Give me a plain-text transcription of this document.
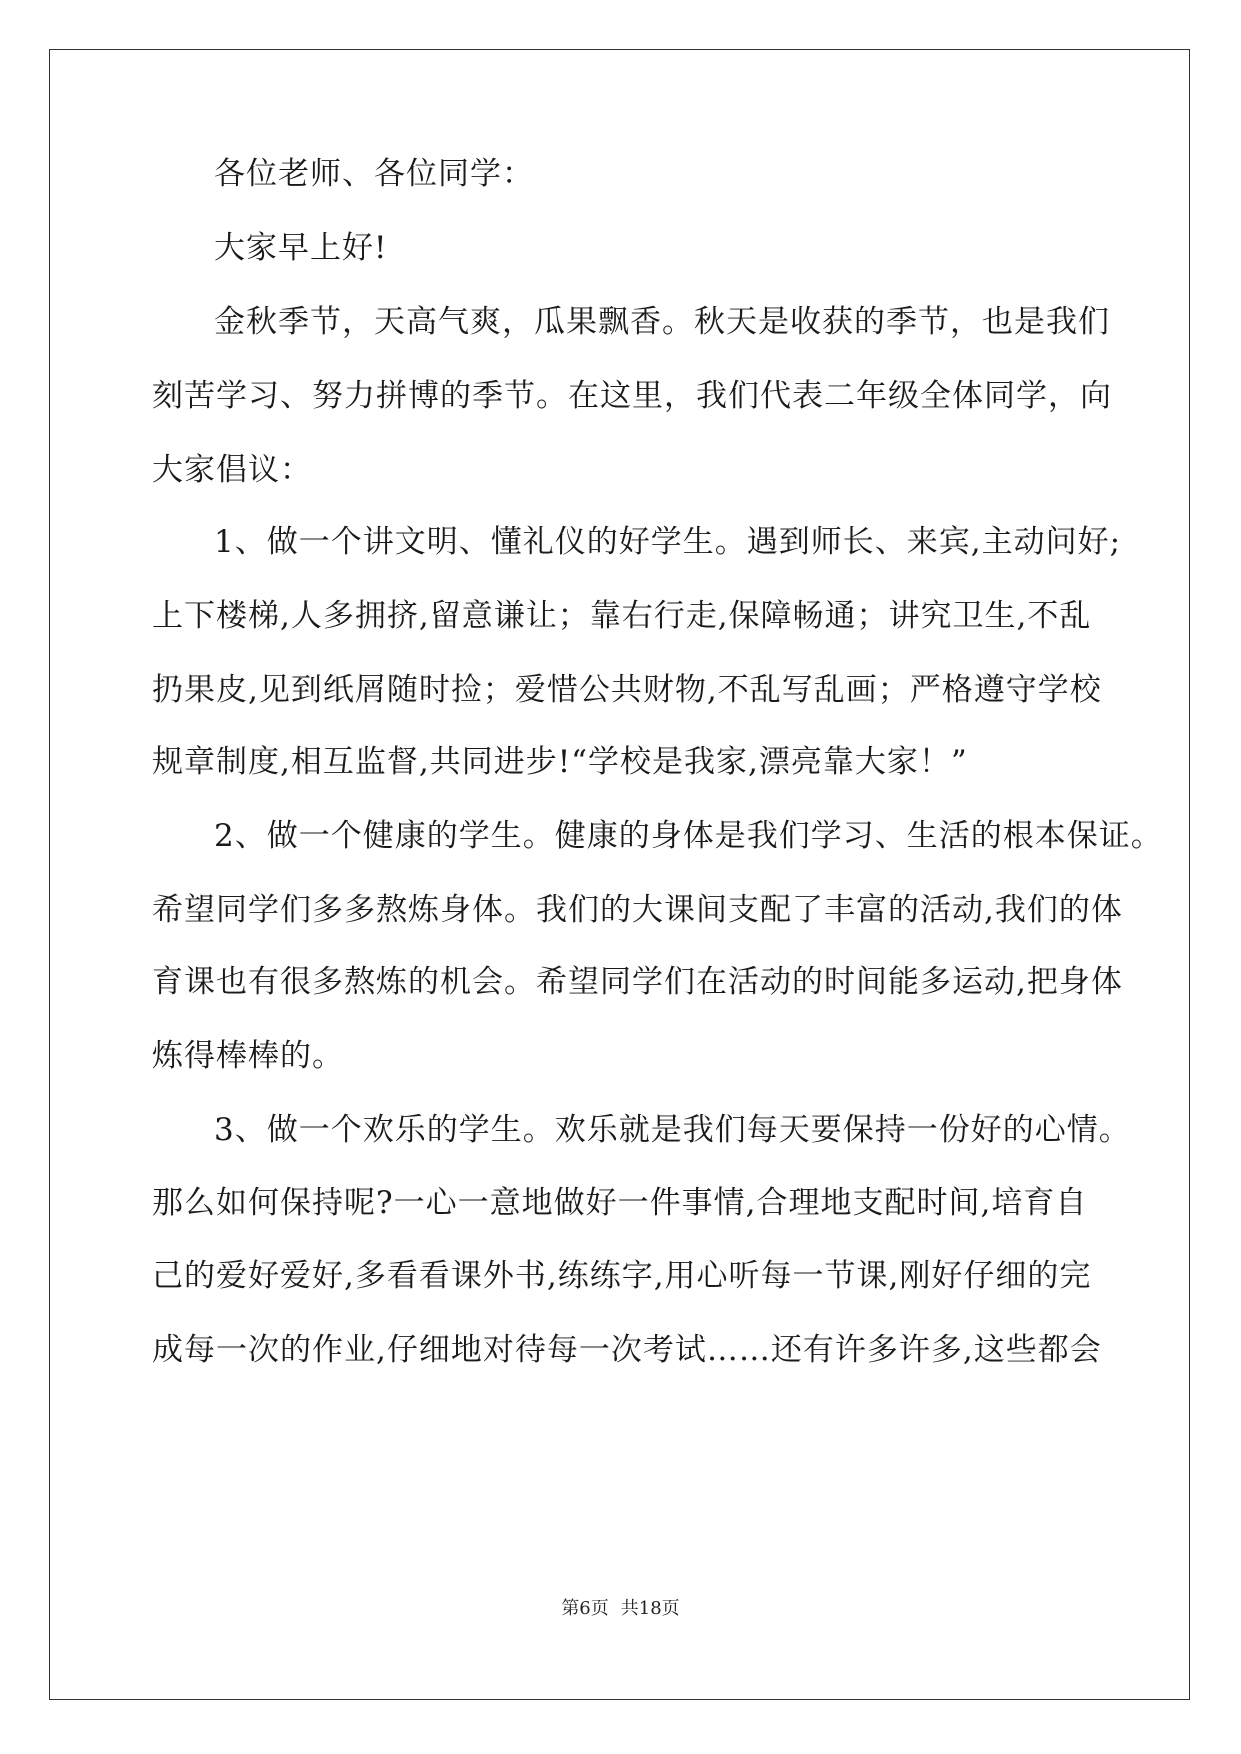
各位老师、各位同学：
大家早上好!
金秋季节，天高气爽，瓜果飘香。秋天是收获的季节，也是我们
刻苦学习、努力拼博的季节。在这里，我们代表二年级全体同学，向
大家倡议：
1、做一个讲文明、懂礼仪的好学生。遇到师长、来宾,主动问好;
上下楼梯,人多拥挤,留意谦让；靠右行走,保障畅通；讲究卫生,不乱
扔果皮,见到纸屑随时捡；爱惜公共财物,不乱写乱画；严格遵守学校
规章制度,相互监督,共同进步!“学校是我家,漂亮靠大家！”
2、做一个健康的学生。健康的身体是我们学习、生活的根本保证。
希望同学们多多熬炼身体。我们的大课间支配了丰富的活动,我们的体
育课也有很多熬炼的机会。希望同学们在活动的时间能多运动,把身体
炼得棒棒的。
3、做一个欢乐的学生。欢乐就是我们每天要保持一份好的心情。
那么如何保持呢?一心一意地做好一件事情,合理地支配时间,培育自
己的爱好爱好,多看看课外书,练练字,用心听每一节课,刚好仔细的完
成每一次的作业,仔细地对待每一次考试……还有许多许多,这些都会
第6页 共18页
